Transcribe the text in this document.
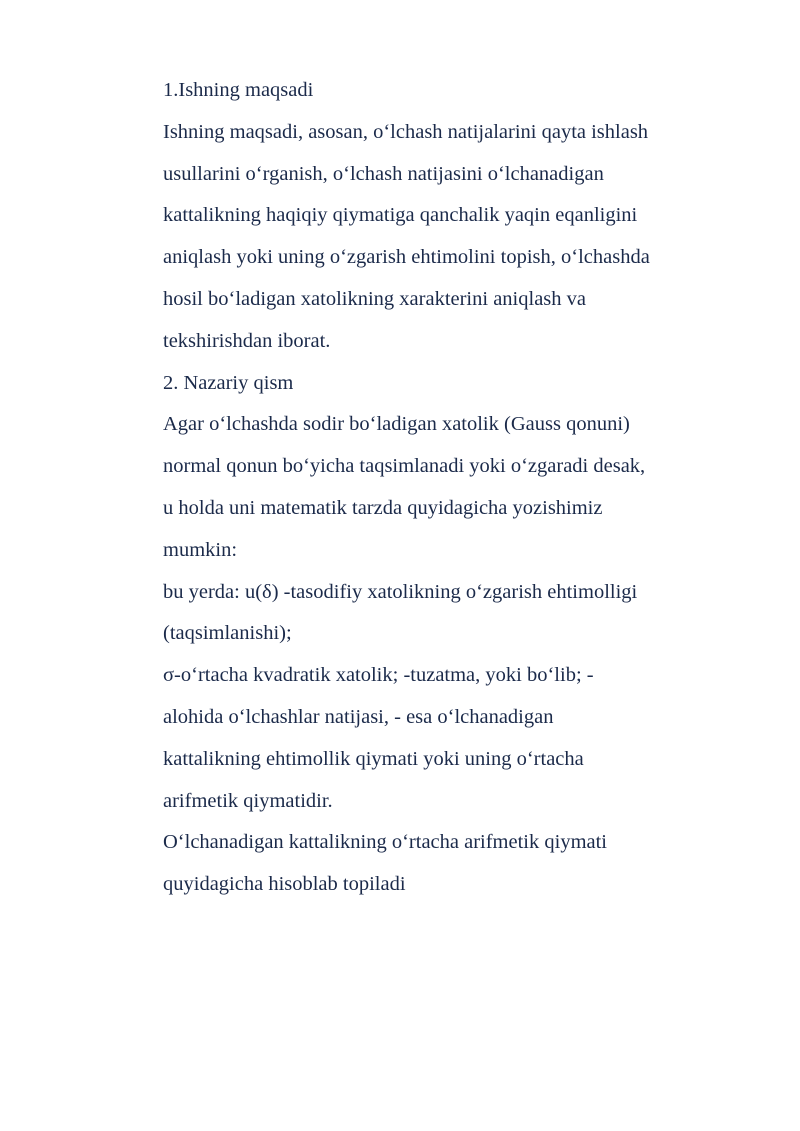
1.Ishning maqsadi
Ishning maqsadi, asosan, o‘lchash natijalarini qayta ishlash
usullarini o‘rganish, o‘lchash natijasini o‘lchanadigan
kattalikning haqiqiy qiymatiga qanchalik yaqin eqanligini
aniqlash yoki uning o‘zgarish ehtimolini topish, o‘lchashda
hosil bo‘ladigan xatolikning xarakterini aniqlash va
tekshirishdan iborat.
2. Nazariy qism
Agar o‘lchashda sodir bo‘ladigan xatolik (Gauss qonuni)
normal qonun bo‘yicha taqsimlanadi yoki o‘zgaradi desak,
u holda uni matematik tarzda quyidagicha yozishimiz
mumkin:
bu yerda: u(δ) -tasodifiy xatolikning o‘zgarish ehtimolligi
(taqsimlanishi);
σ-o‘rtacha kvadratik xatolik; -tuzatma, yoki bo‘lib; -
alohida o‘lchashlar natijasi, - esa o‘lchanadigan
kattalikning ehtimollik qiymati yoki uning o‘rtacha
arifmetik qiymatidir.
O‘lchanadigan kattalikning o‘rtacha arifmetik qiymati
quyidagicha hisoblab topiladi
